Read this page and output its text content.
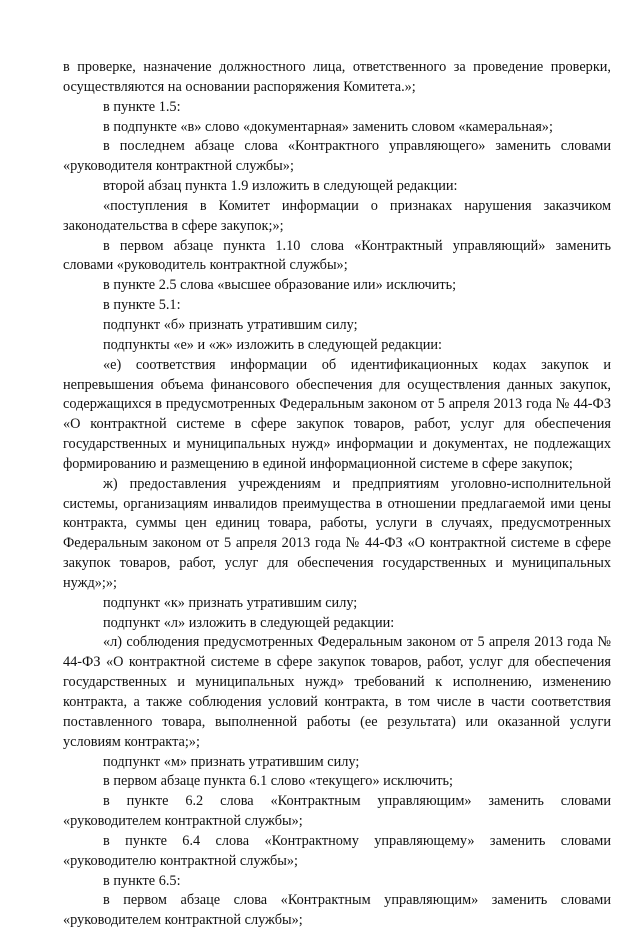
в проверке, назначение должностного лица, ответственного за проведение проверки, осуществляются на основании распоряжения Комитета.»;

в пункте 1.5:

в подпункте «в» слово «документарная» заменить словом «камеральная»;

в последнем абзаце слова «Контрактного управляющего» заменить словами «руководителя контрактной службы»;

второй абзац пункта 1.9 изложить в следующей редакции:

«поступления в Комитет информации о признаках нарушения заказчиком законодательства в сфере закупок;»;

в первом абзаце пункта 1.10 слова «Контрактный управляющий» заменить словами «руководитель контрактной службы»;

в пункте 2.5 слова «высшее образование или» исключить;

в пункте 5.1:

подпункт «б» признать утратившим силу;

подпункты «е» и «ж» изложить в следующей редакции:

«е) соответствия информации об идентификационных кодах закупок и непревышения объема финансового обеспечения для осуществления данных закупок, содержащихся в предусмотренных Федеральным законом от 5 апреля 2013 года № 44-ФЗ «О контрактной системе в сфере закупок товаров, работ, услуг для обеспечения государственных и муниципальных нужд» информации и документах, не подлежащих формированию и размещению в единой информационной системе в сфере закупок;

ж) предоставления учреждениям и предприятиям уголовно-исполнительной системы, организациям инвалидов преимущества в отношении предлагаемой ими цены контракта, суммы цен единиц товара, работы, услуги в случаях, предусмотренных Федеральным законом от 5 апреля 2013 года № 44-ФЗ «О контрактной системе в сфере закупок товаров, работ, услуг для обеспечения государственных и муниципальных нужд»;»;

подпункт «к» признать утратившим силу;

подпункт «л» изложить в следующей редакции:

«л) соблюдения предусмотренных Федеральным законом от 5 апреля 2013 года № 44-ФЗ «О контрактной системе в сфере закупок товаров, работ, услуг для обеспечения государственных и муниципальных нужд» требований к исполнению, изменению контракта, а также соблюдения условий контракта, в том числе в части соответствия поставленного товара, выполненной работы (ее результата) или оказанной услуги условиям контракта;»;

подпункт «м» признать утратившим силу;

в первом абзаце пункта 6.1 слово «текущего» исключить;

в пункте 6.2 слова «Контрактным управляющим» заменить словами «руководителем контрактной службы»;

в пункте 6.4 слова «Контрактному управляющему» заменить словами «руководителю контрактной службы»;

в пункте 6.5:

в первом абзаце слова «Контрактным управляющим» заменить словами «руководителем контрактной службы»;
